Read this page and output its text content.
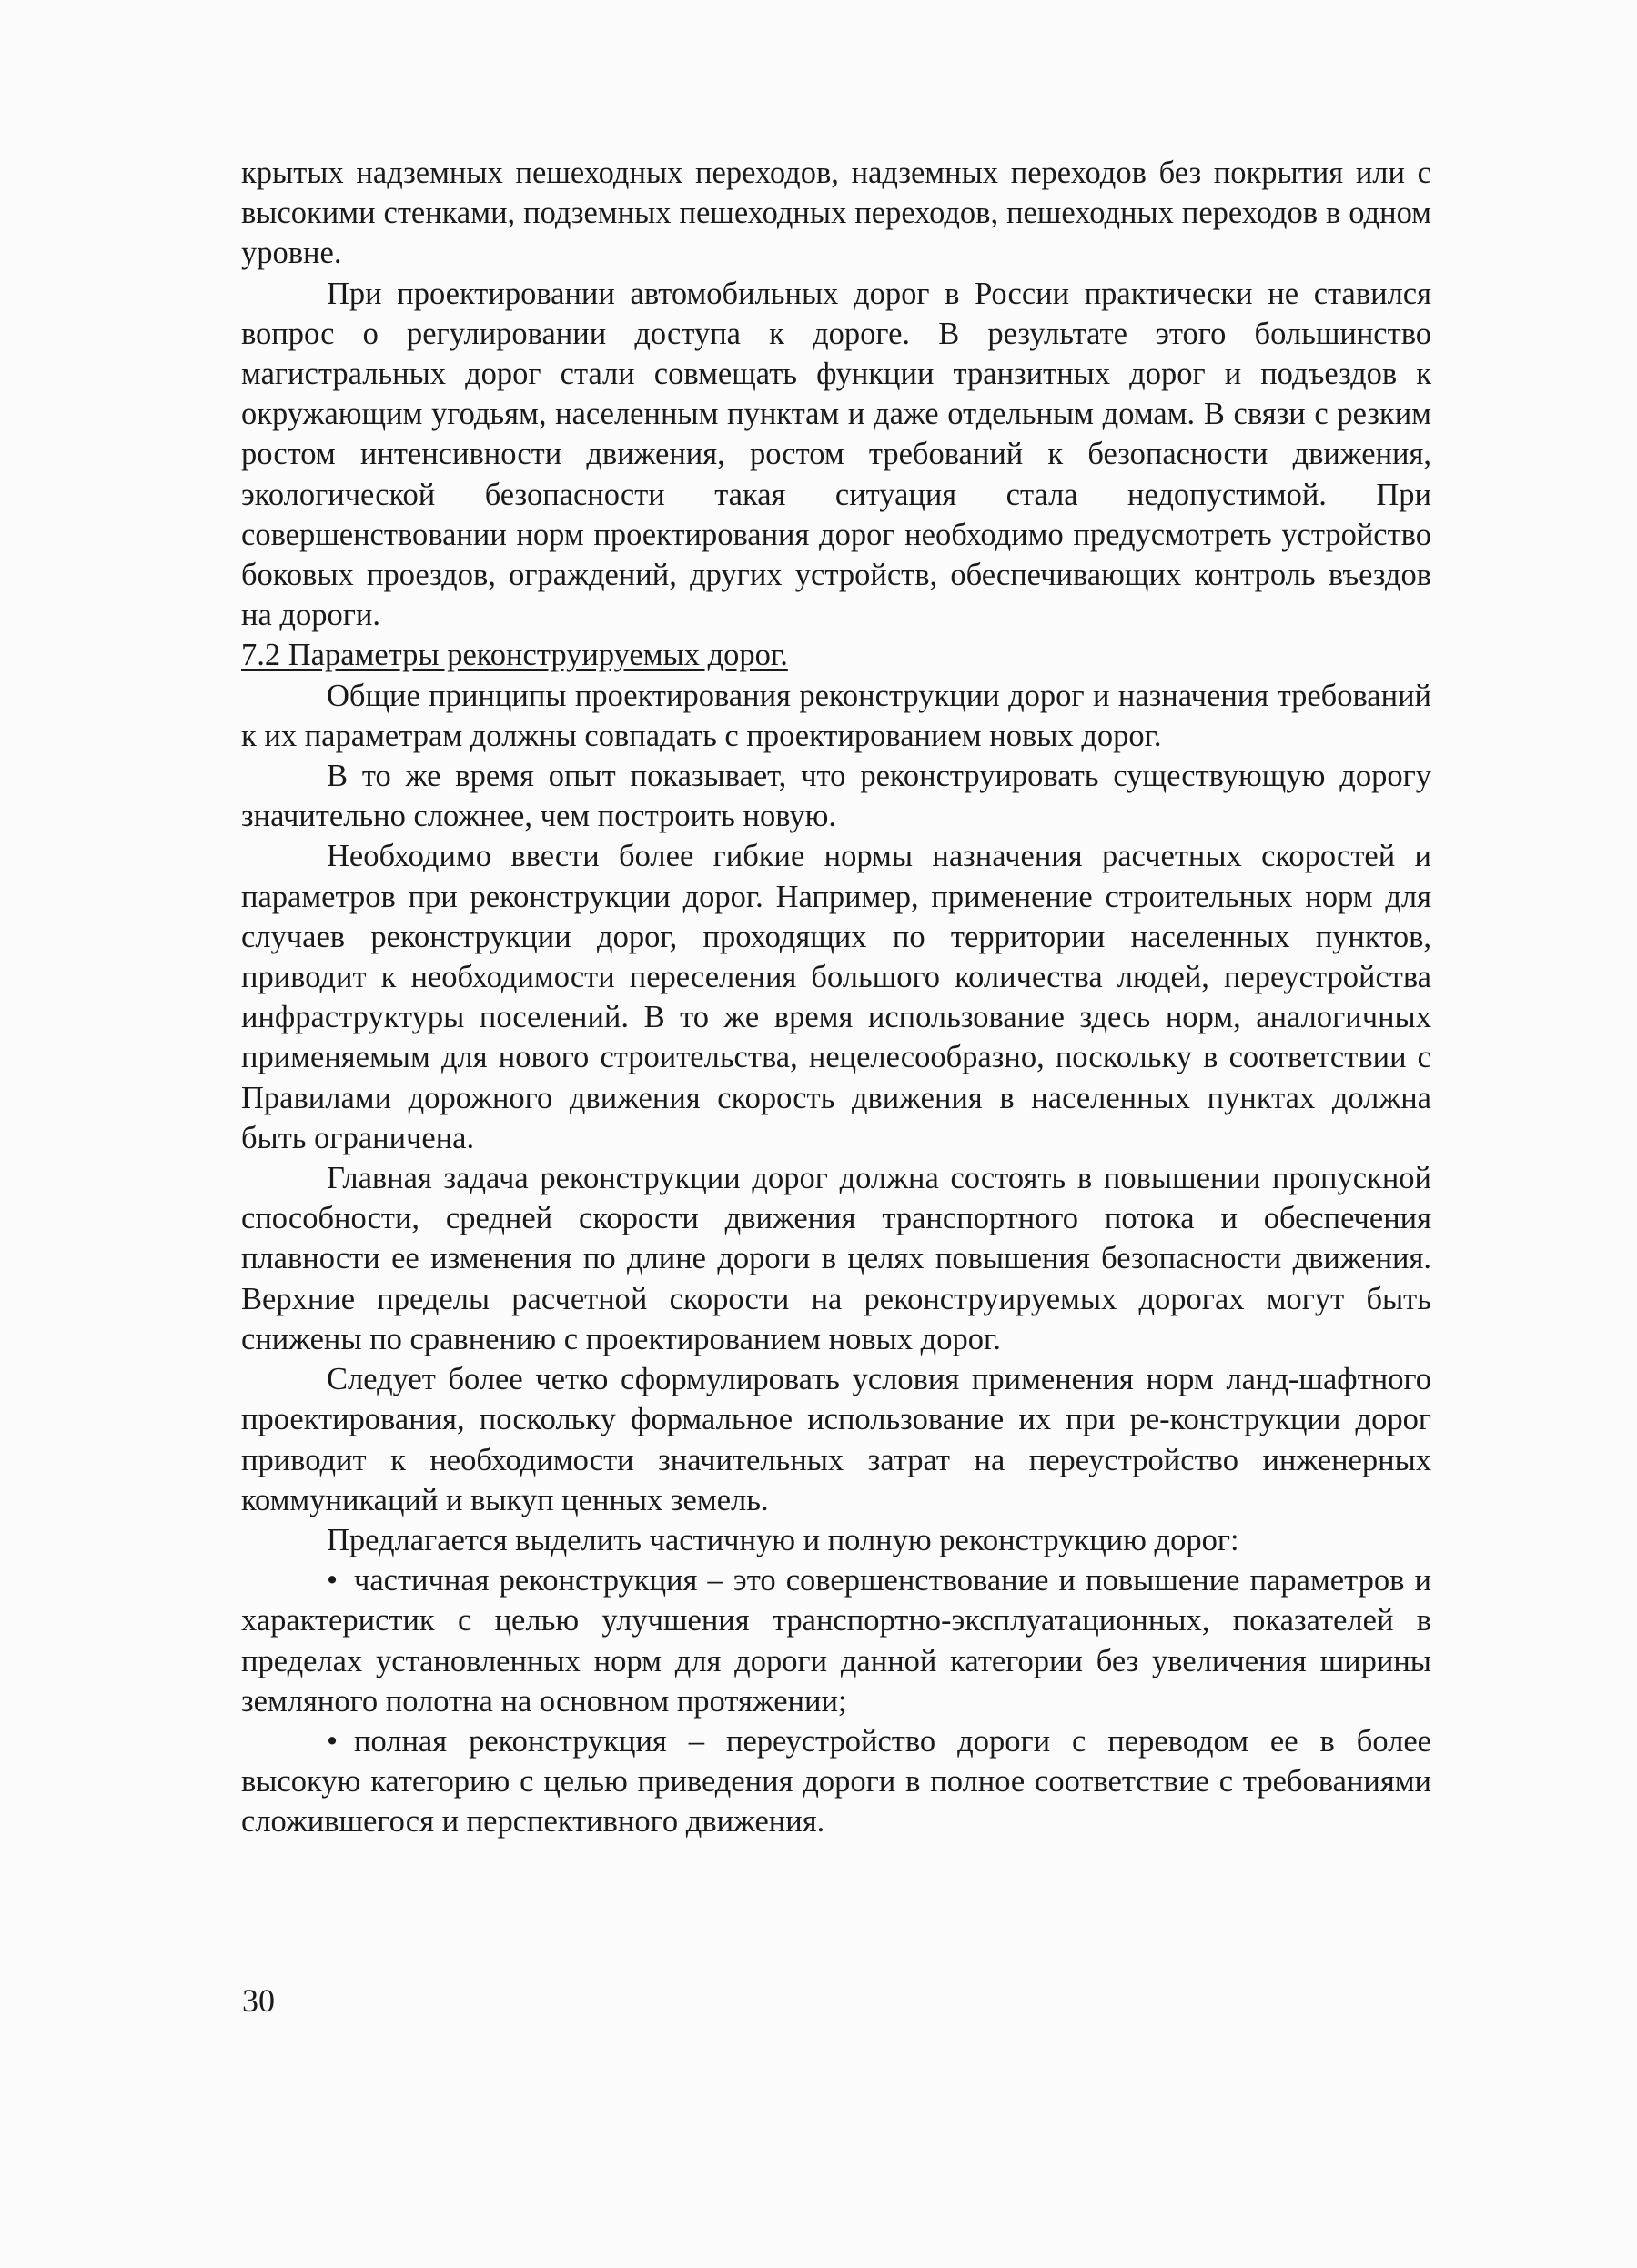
крытых надземных пешеходных переходов, надземных переходов без покрытия или с высокими стенками, подземных пешеходных переходов, пешеходных переходов в одном уровне.

При проектировании автомобильных дорог в России практически не ставился вопрос о регулировании доступа к дороге. В результате этого большинство магистральных дорог стали совмещать функции транзитных дорог и подъездов к окружающим угодьям, населенным пунктам и даже отдельным домам. В связи с резким ростом интенсивности движения, ростом требований к безопасности движения, экологической безопасности такая ситуация стала недопустимой. При совершенствовании норм проектирования дорог необходимо предусмотреть устройство боковых проездов, ограждений, других устройств, обеспечивающих контроль въездов на дороги.

7.2 Параметры реконструируемых дорог.

Общие принципы проектирования реконструкции дорог и назначения требований к их параметрам должны совпадать с проектированием новых дорог.

В то же время опыт показывает, что реконструировать существующую дорогу значительно сложнее, чем построить новую.

Необходимо ввести более гибкие нормы назначения расчетных скоростей и параметров при реконструкции дорог. Например, применение строительных норм для случаев реконструкции дорог, проходящих по территории населенных пунктов, приводит к необходимости переселения большого количества людей, переустройства инфраструктуры поселений. В то же время использование здесь норм, аналогичных применяемым для нового строительства, нецелесообразно, поскольку в соответствии с Правилами дорожного движения скорость движения в населенных пунктах должна быть ограничена.

Главная задача реконструкции дорог должна состоять в повышении пропускной способности, средней скорости движения транспортного потока и обеспечения плавности ее изменения по длине дороги в целях повышения безопасности движения. Верхние пределы расчетной скорости на реконструируемых дорогах могут быть снижены по сравнению с проектированием новых дорог.

Следует более четко сформулировать условия применения норм ланд-шафтного проектирования, поскольку формальное использование их при ре-конструкции дорог приводит к необходимости значительных затрат на переустройство инженерных коммуникаций и выкуп ценных земель.

Предлагается выделить частичную и полную реконструкцию дорог:

• частичная реконструкция – это совершенствование и повышение параметров и характеристик с целью улучшения транспортно-эксплуатационных, показателей в пределах установленных норм для дороги данной категории без увеличения ширины земляного полотна на основном протяжении;

• полная реконструкция – переустройство дороги с переводом ее в более высокую категорию с целью приведения дороги в полное соответствие с требованиями сложившегося и перспективного движения.

30
